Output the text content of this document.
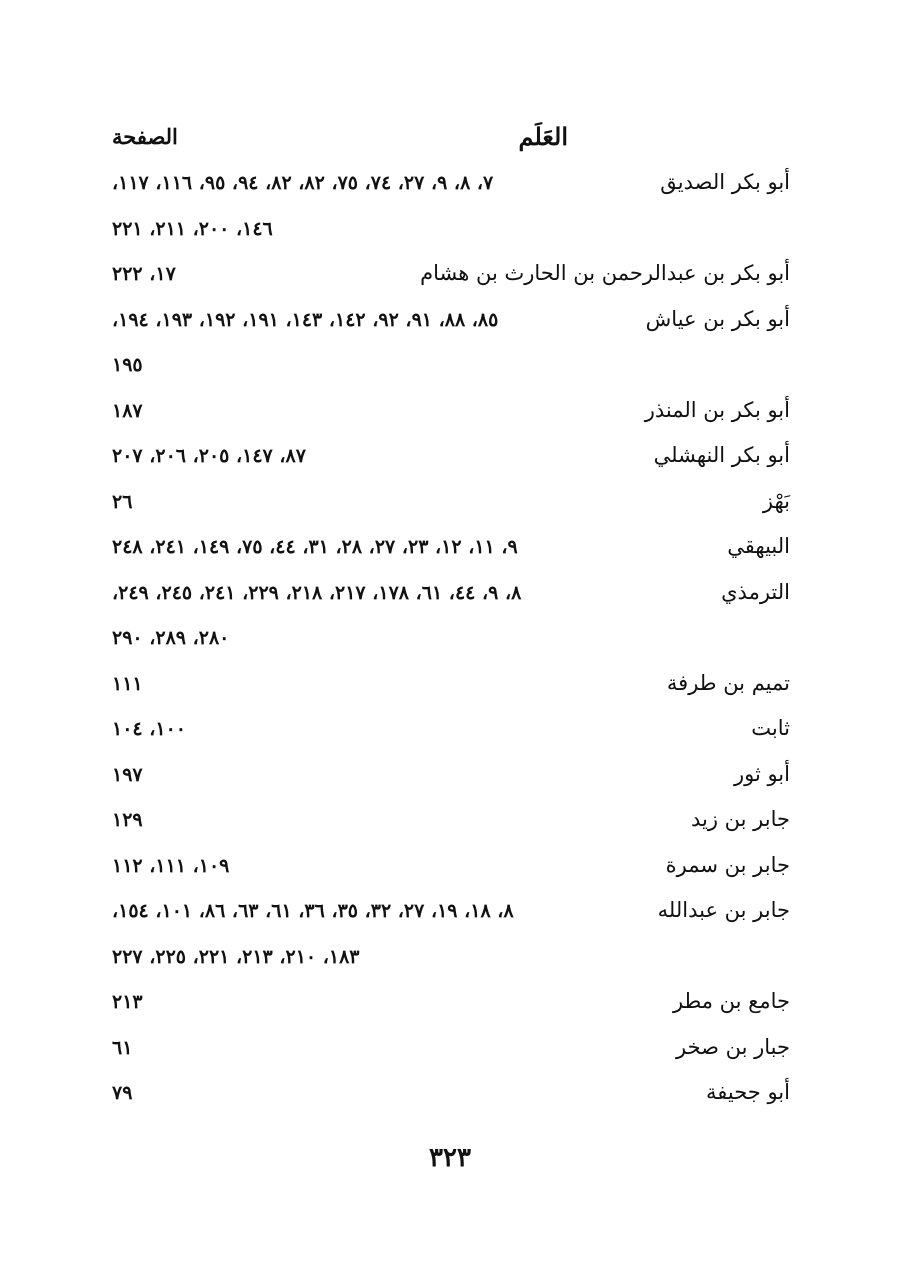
العَلَم
الصفحة
أبو بكر الصديق
٧، ٨، ٩، ٢٧، ٧٤، ٧٥، ٨٢، ٨٢، ٩٤، ٩٥، ١١٦، ١١٧،
١٤٦، ٢٠٠، ٢١١، ٢٢١
أبو بكر بن عبدالرحمن بن الحارث بن هشام
١٧، ٢٢٢
أبو بكر بن عياش
٨٥، ٨٨، ٩١، ٩٢، ١٤٢، ١٤٣، ١٩١، ١٩٢، ١٩٣، ١٩٤،
١٩٥
أبو بكر بن المنذر
١٨٧
أبو بكر النهشلي
٨٧، ١٤٧، ٢٠٥، ٢٠٦، ٢٠٧
بَهْز
٢٦
البيهقي
٩، ١١، ١٢، ٢٣، ٢٧، ٢٨، ٣١، ٤٤، ٧٥، ١٤٩، ٢٤١، ٢٤٨
الترمذي
٨، ٩، ٤٤، ٦١، ١٧٨، ٢١٧، ٢١٨، ٢٢٩، ٢٤١، ٢٤٥، ٢٤٩،
٢٨٠، ٢٨٩، ٢٩٠
تميم بن طرفة
١١١
ثابت
١٠٠، ١٠٤
أبو ثور
١٩٧
جابر بن زيد
١٢٩
جابر بن سمرة
١٠٩، ١١١، ١١٢
جابر بن عبدالله
٨، ١٨، ١٩، ٢٧، ٣٢، ٣٥، ٣٦، ٦١، ٦٣، ٨٦، ١٠١، ١٥٤،
١٨٣، ٢١٠، ٢١٣، ٢٢١، ٢٢٥، ٢٢٧
جامع بن مطر
٢١٣
جبار بن صخر
٦١
أبو جحيفة
٧٩
٣٢٣
